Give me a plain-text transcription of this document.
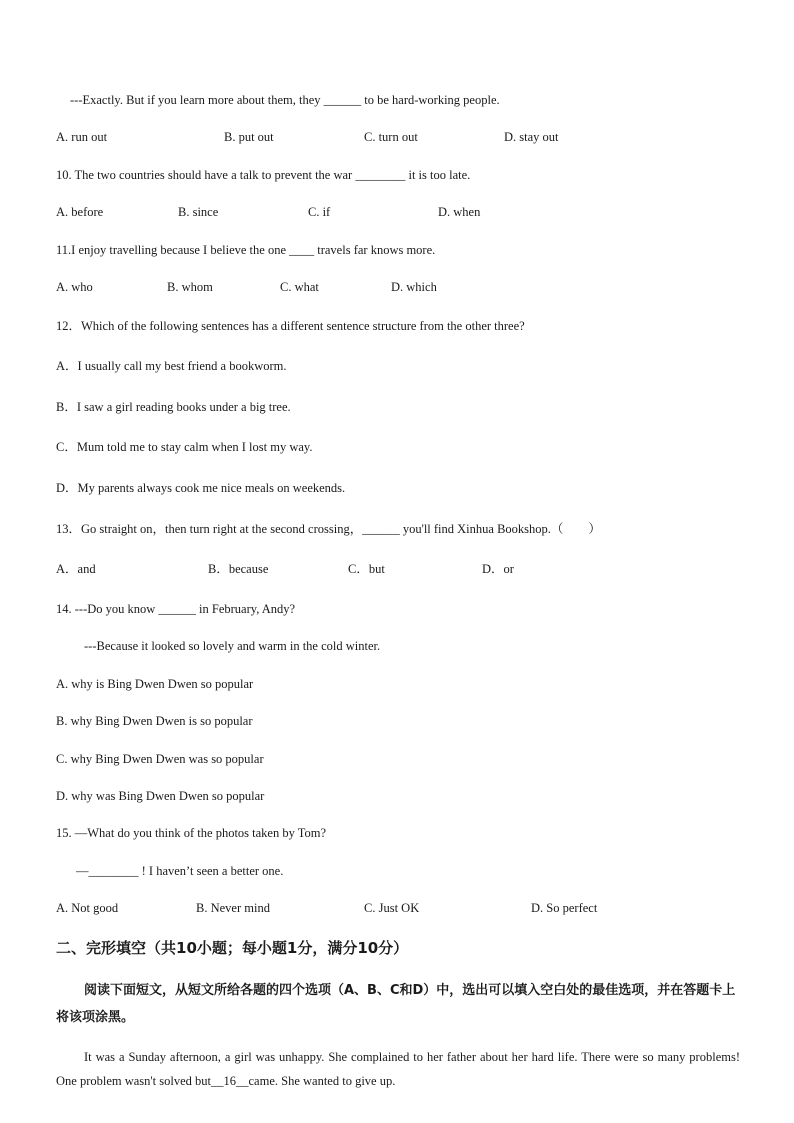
---Exactly. But if you learn more about them, they ______ to be hard-working people.
A. run out	B. put out	C. turn out	D. stay out
10. The two countries should have a talk to prevent the war ________ it is too late.
A. before	B. since	C. if	D. when
11.I enjoy travelling because I believe the one ____ travels far knows more.
A. who	B. whom	C. what	D. which
12．Which of the following sentences has a different sentence structure from the other three?
A．I usually call my best friend a bookworm.
B．I saw a girl reading books under a big tree.
C．Mum told me to stay calm when I lost my way.
D．My parents always cook me nice meals on weekends.
13．Go straight on，then turn right at the second crossing，______ you'll find Xinhua Bookshop.（　　）
A．and	B．because	C．but	D．or
14. ---Do you know ______ in February, Andy?
---Because it looked so lovely and warm in the cold winter.
A. why is Bing Dwen Dwen so popular
B. why Bing Dwen Dwen is so popular
C. why Bing Dwen Dwen was so popular
D. why was Bing Dwen Dwen so popular
15. —What do you think of the photos taken by Tom?
—________ ! I haven’t seen a better one.
A. Not good	B. Never mind	C. Just OK	D. So perfect
二、完形填空（共10小题；每小题1分，满分10分）
阅读下面短文，从短文所给各题的四个选项（A、B、C和D）中，选出可以填入空白处的最佳选项，并在答题卡上将该项涂黑。
It was a Sunday afternoon, a girl was unhappy. She complained to her father about her hard life. There were so many problems! One problem wasn't solved but__16__came. She wanted to give up.
